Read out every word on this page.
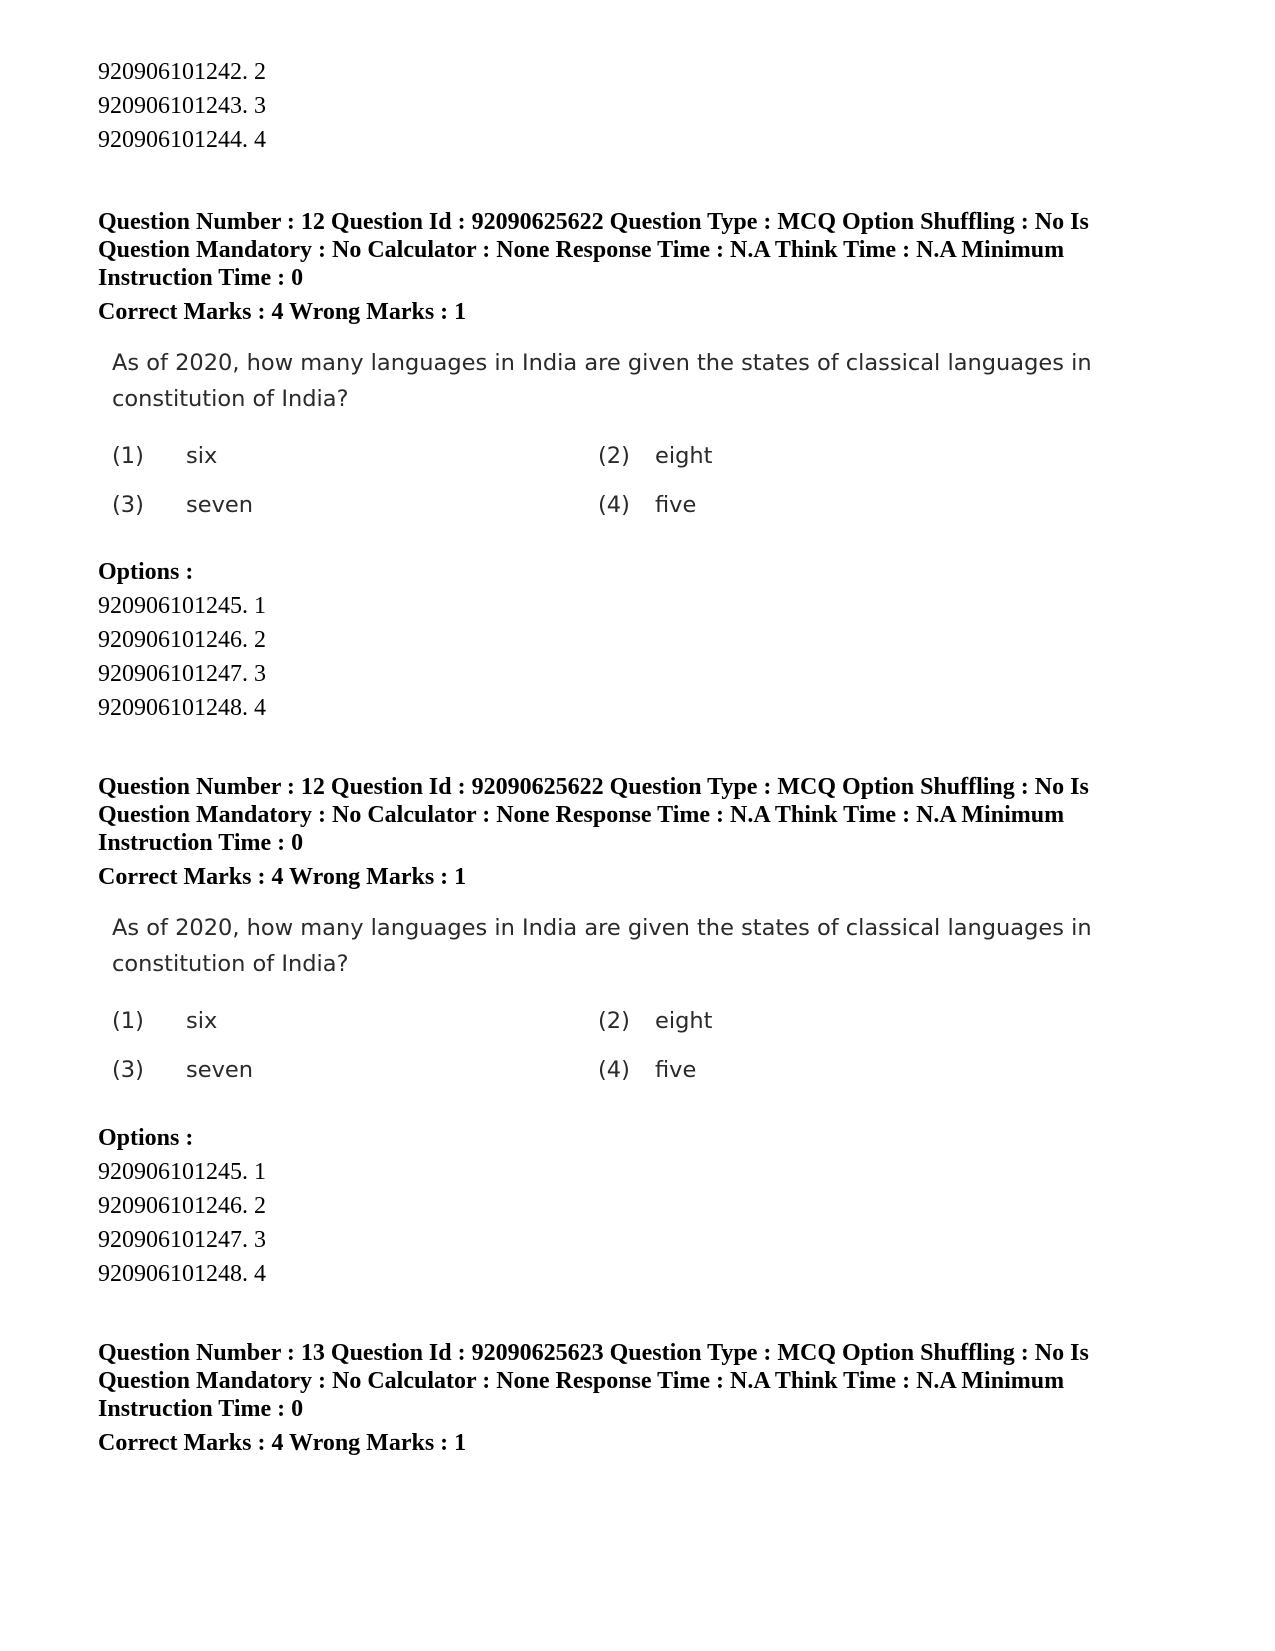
920906101242. 2
920906101243. 3
920906101244. 4
Question Number : 12 Question Id : 92090625622 Question Type : MCQ Option Shuffling : No Is
Question Mandatory : No Calculator : None Response Time : N.A Think Time : N.A Minimum
Instruction Time : 0
Correct Marks : 4 Wrong Marks : 1
As of 2020, how many languages in India are given the states of classical languages in
constitution of India?
(1) six	(2) eight
(3) seven	(4) five
Options :
920906101245. 1
920906101246. 2
920906101247. 3
920906101248. 4
Question Number : 12 Question Id : 92090625622 Question Type : MCQ Option Shuffling : No Is
Question Mandatory : No Calculator : None Response Time : N.A Think Time : N.A Minimum
Instruction Time : 0
Correct Marks : 4 Wrong Marks : 1
As of 2020, how many languages in India are given the states of classical languages in
constitution of India?
(1) six	(2) eight
(3) seven	(4) five
Options :
920906101245. 1
920906101246. 2
920906101247. 3
920906101248. 4
Question Number : 13 Question Id : 92090625623 Question Type : MCQ Option Shuffling : No Is
Question Mandatory : No Calculator : None Response Time : N.A Think Time : N.A Minimum
Instruction Time : 0
Correct Marks : 4 Wrong Marks : 1
